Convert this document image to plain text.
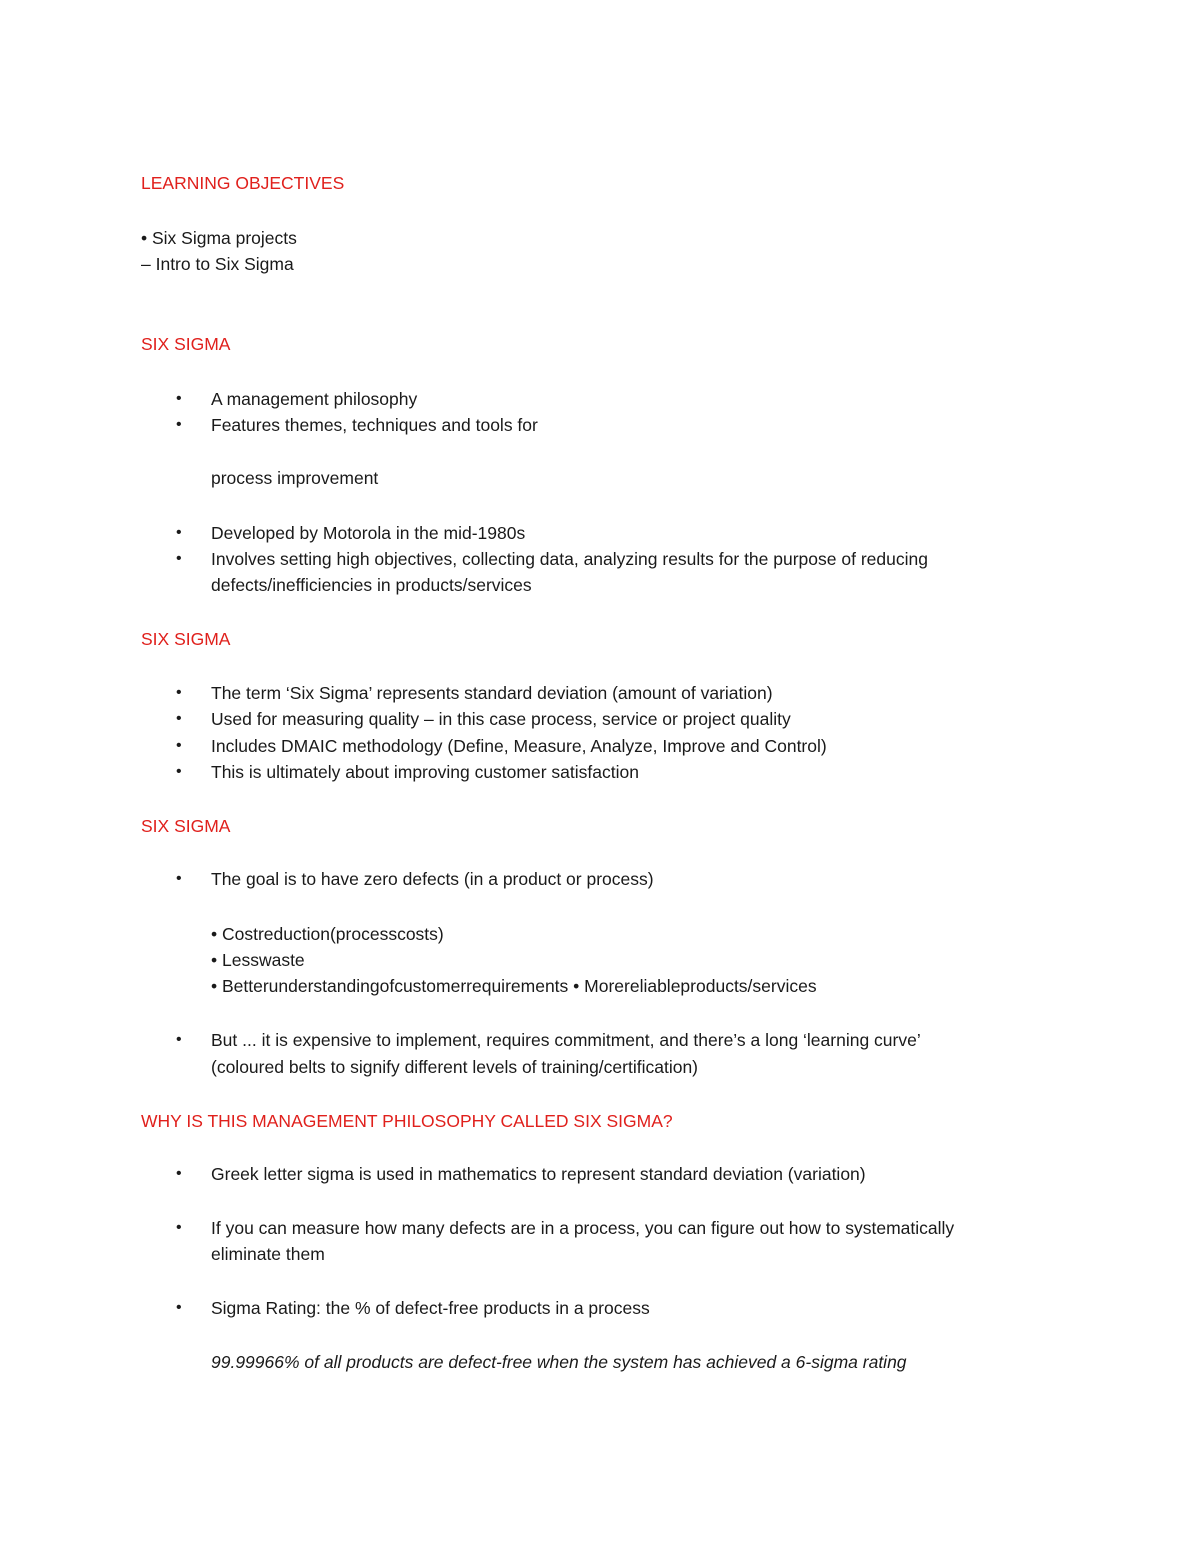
LEARNING OBJECTIVES
• Six Sigma projects
– Intro to Six Sigma
SIX SIGMA
• A management philosophy
• Features themes, techniques and tools for
process improvement
• Developed by Motorola in the mid-1980s
• Involves setting high objectives, collecting data, analyzing results for the purpose of reducing
defects/inefficiencies in products/services
SIX SIGMA
• The term ‘Six Sigma’ represents standard deviation (amount of variation)
• Used for measuring quality – in this case process, service or project quality
• Includes DMAIC methodology (Define, Measure, Analyze, Improve and Control)
• This is ultimately about improving customer satisfaction
SIX SIGMA
• The goal is to have zero defects (in a product or process)
• Costreduction(processcosts)
• Lesswaste
• Betterunderstandingofcustomerrequirements • Morereliableproducts/services
• But ... it is expensive to implement, requires commitment, and there’s a long ‘learning curve’
(coloured belts to signify different levels of training/certification)
WHY IS THIS MANAGEMENT PHILOSOPHY CALLED SIX SIGMA?
• Greek letter sigma is used in mathematics to represent standard deviation (variation)
• If you can measure how many defects are in a process, you can figure out how to systematically
eliminate them
• Sigma Rating: the % of defect-free products in a process
99.99966% of all products are defect-free when the system has achieved a 6-sigma rating
